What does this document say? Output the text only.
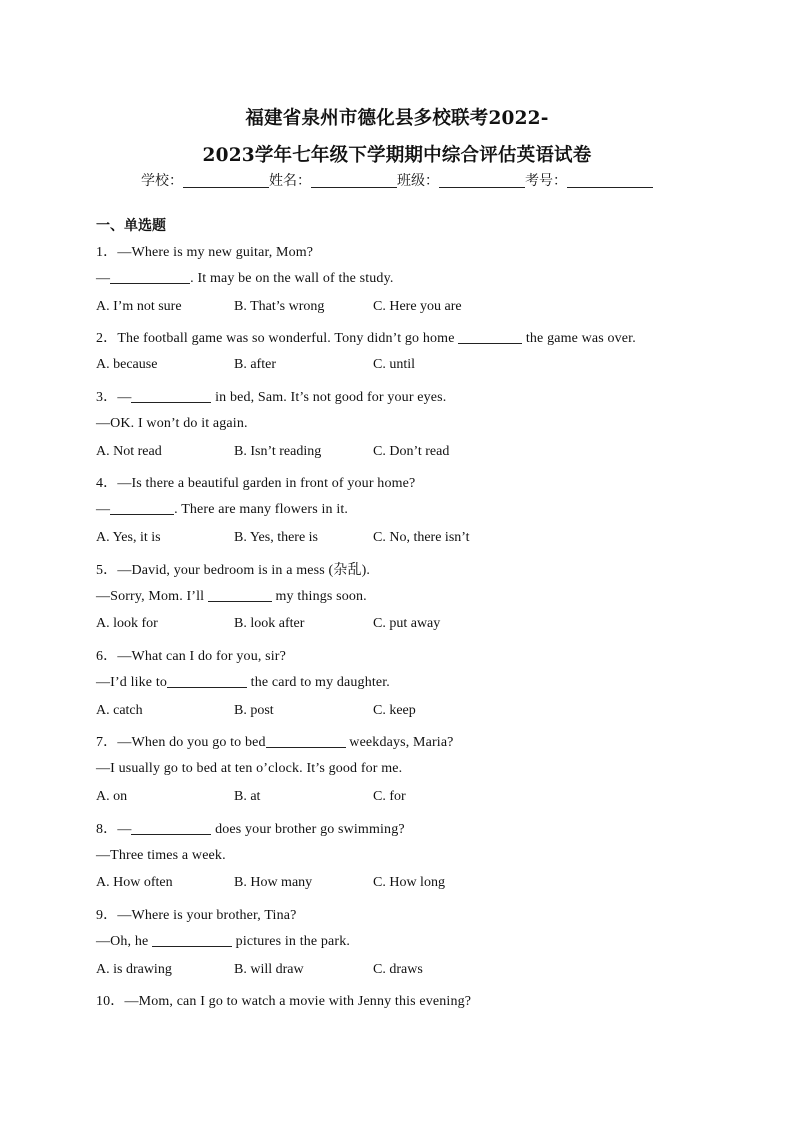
福建省泉州市德化县多校联考2022-
2023学年七年级下学期期中综合评估英语试卷
学校：	姓名：	班级：	考号：
一、单选题
1．—Where is my new guitar, Mom?
—	. It may be on the wall of the study.
A. I’m not sure	B. That’s wrong	C. Here you are
2．The football game was so wonderful. Tony didn’t go home	the game was over.
A. because	B. after	C. until
3．—	in bed, Sam. It’s not good for your eyes.
—OK. I won’t do it again.
A. Not read	B. Isn’t reading	C. Don’t read
4．—Is there a beautiful garden in front of your home?
—	. There are many flowers in it.
A. Yes, it is	B. Yes, there is	C. No, there isn’t
5．—David, your bedroom is in a mess (杂乱).
—Sorry, Mom. I’ll	my things soon.
A. look for	B. look after	C. put away
6．—What can I do for you, sir?
—I’d like to	the card to my daughter.
A. catch	B. post	C. keep
7．—When do you go to bed	weekdays, Maria?
—I usually go to bed at ten o’clock. It’s good for me.
A. on	B. at	C. for
8．—	does your brother go swimming?
—Three times a week.
A. How often	B. How many	C. How long
9．—Where is your brother, Tina?
—Oh, he	pictures in the park.
A. is drawing	B. will draw	C. draws
10．—Mom, can I go to watch a movie with Jenny this evening?
